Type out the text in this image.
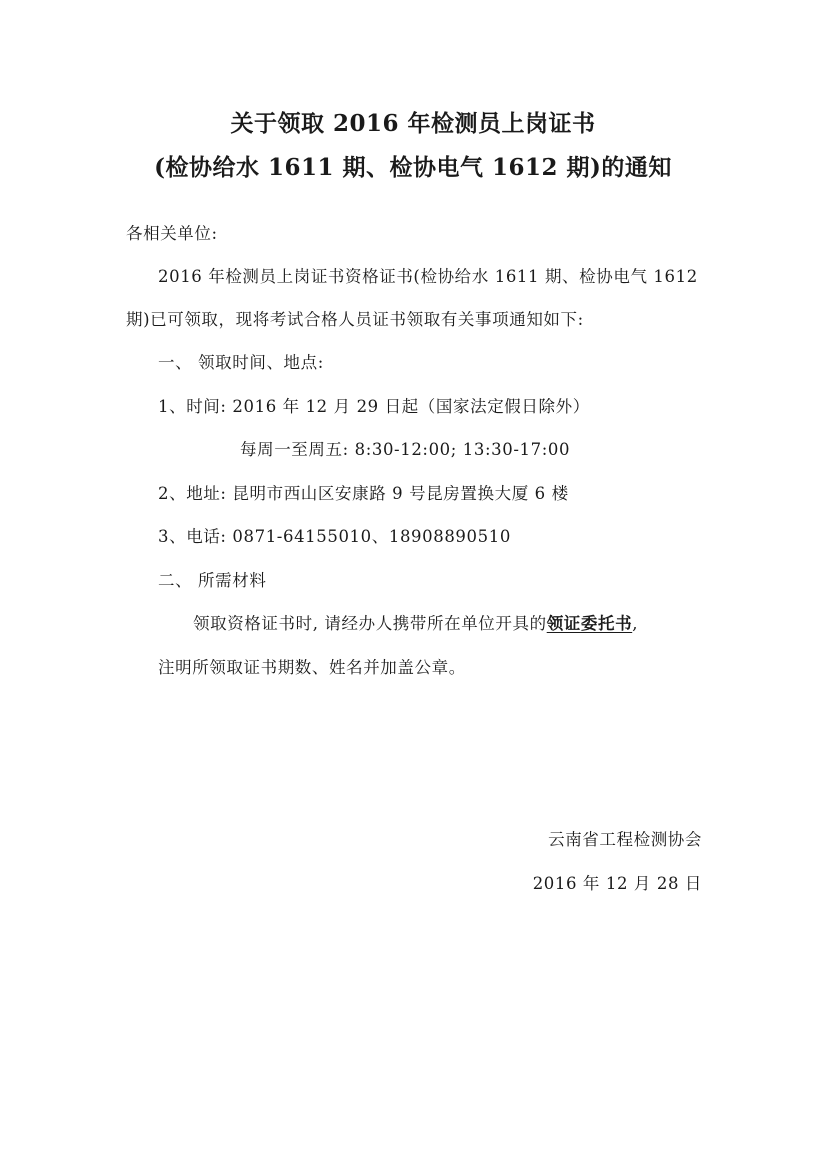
关于领取 2016 年检测员上岗证书
(检协给水 1611 期、检协电气 1612 期)的通知
各相关单位:
2016 年检测员上岗证书资格证书(检协给水 1611 期、检协电气 1612
期)已可领取，现将考试合格人员证书领取有关事项通知如下:
一、 领取时间、地点:
1、时间: 2016 年 12 月 29 日起（国家法定假日除外）
每周一至周五: 8:30-12:00; 13:30-17:00
2、地址: 昆明市西山区安康路 9 号昆房置换大厦 6 楼
3、电话: 0871-64155010、18908890510
二、 所需材料
领取资格证书时, 请经办人携带所在单位开具的领证委托书,
注明所领取证书期数、姓名并加盖公章。
云南省工程检测协会
2016 年 12 月 28 日
